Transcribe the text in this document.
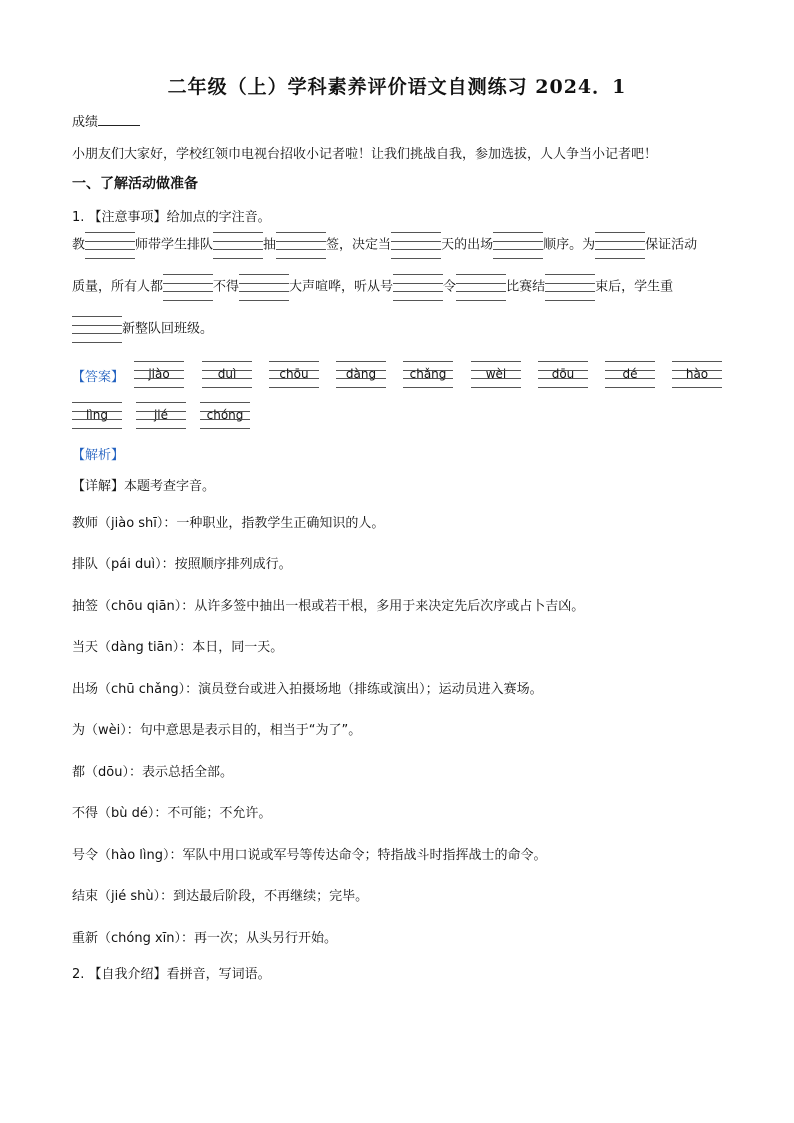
二年级（上）学科素养评价语文自测练习 2024．1
成绩
小朋友们大家好，学校红领巾电视台招收小记者啦！让我们挑战自我，参加选拔，人人争当小记者吧！
一、了解活动做准备
1. 【注意事项】给加点的字注音。
教	师带学生排队	抽	签，决定当	天的出场	顺序。为	保证活动
质量，所有人都	不得	大声喧哗，听从号	令	比赛结	束后，学生重
新整队回班级。
【答案】	jiào	duì	chōu	dàng	chǎng	wèi	dōu	dé	hào
lìng	jié	chóng
【解析】
【详解】本题考查字音。
教师（jiào shī）：一种职业，指教学生正确知识的人。
排队（pái duì）：按照顺序排列成行。
抽签（chōu qiān）：从许多签中抽出一根或若干根，多用于来决定先后次序或占卜吉凶。
当天（dàng tiān）：本日，同一天。
出场（chū chǎng）：演员登台或进入拍摄场地（排练或演出）；运动员进入赛场。
为（wèi）：句中意思是表示目的，相当于“为了”。
都（dōu）：表示总括全部。
不得（bù dé）：不可能；不允许。
号令（hào lìng）：军队中用口说或军号等传达命令；特指战斗时指挥战士的命令。
结束（jié shù）：到达最后阶段，不再继续；完毕。
重新（chóng xīn）：再一次；从头另行开始。
2. 【自我介绍】看拼音，写词语。
